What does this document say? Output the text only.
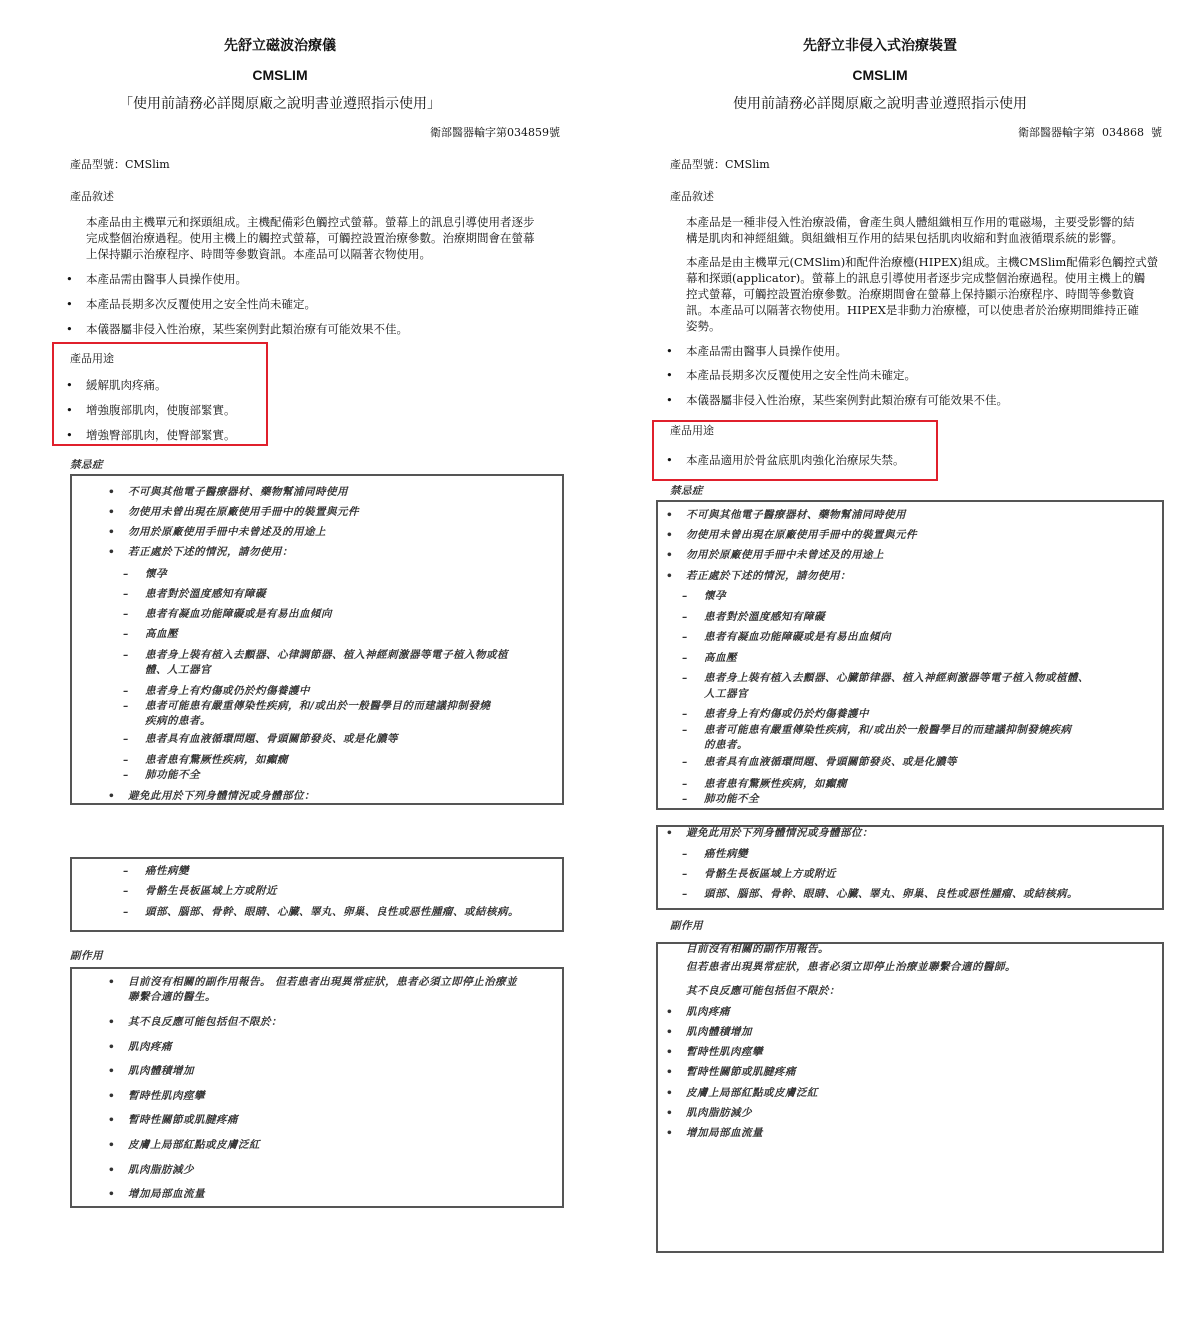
先舒立磁波治療儀
CMSLIM
「使用前請務必詳閱原廠之說明書並遵照指示使用」
衛部醫器輸字第034859號
產品型號：CMSlim
產品敘述
本產品由主機單元和探頭組成。主機配備彩色觸控式螢幕。螢幕上的訊息引導使用者逐步
完成整個治療過程。使用主機上的觸控式螢幕，可觸控設置治療參數。治療期間會在螢幕
上保持顯示治療程序、時間等參數資訊。本產品可以隔著衣物使用。
• 本產品需由醫事人員操作使用。
• 本產品長期多次反覆使用之安全性尚未確定。
• 本儀器屬非侵入性治療，某些案例對此類治療有可能效果不佳。
產品用途
• 緩解肌肉疼痛。
• 增強腹部肌肉，使腹部緊實。
• 增強臀部肌肉，使臀部緊實。
禁忌症
• 不可與其他電子醫療器材、藥物幫浦同時使用
• 勿使用未曾出現在原廠使用手冊中的裝置與元件
• 勿用於原廠使用手冊中未曾述及的用途上
• 若正處於下述的情況，請勿使用：
– 懷孕
– 患者對於溫度感知有障礙
– 患者有凝血功能障礙或是有易出血傾向
– 高血壓
– 患者身上裝有植入去顫器、心律調節器、植入神經刺激器等電子植入物或植
體、人工器官
– 患者身上有灼傷或仍於灼傷養護中
– 患者可能患有嚴重傳染性疾病，和/或出於一般醫學目的而建議抑制發燒
疾病的患者。
– 患者具有血液循環問題、骨頭關節發炎、或是化膿等
– 患者患有驚厥性疾病，如癲癇
– 肺功能不全
• 避免此用於下列身體情況或身體部位：
– 癌性病變
– 骨骼生長板區域上方或附近
– 頭部、腦部、骨幹、眼睛、心臟、睪丸、卵巢、良性或惡性腫瘤、或結核病。
副作用
• 目前沒有相關的副作用報告。 但若患者出現異常症狀，患者必須立即停止治療並
聯繫合適的醫生。
• 其不良反應可能包括但不限於：
• 肌肉疼痛
• 肌肉體積增加
• 暫時性肌肉痙攣
• 暫時性關節或肌腱疼痛
• 皮膚上局部紅點或皮膚泛紅
• 肌肉脂肪減少
• 增加局部血流量
先舒立非侵入式治療裝置
CMSLIM
使用前請務必詳閱原廠之說明書並遵照指示使用
衛部醫器輸字第  034868  號
產品型號：CMSlim
產品敘述
本產品是一種非侵入性治療設備，會產生與人體組織相互作用的電磁場，主要受影響的結
構是肌肉和神經組織。與組織相互作用的結果包括肌肉收縮和對血液循環系統的影響。
本產品是由主機單元(CMSlim)和配件治療檯(HIPEX)組成。主機CMSlim配備彩色觸控式螢
幕和探頭(applicator)。螢幕上的訊息引導使用者逐步完成整個治療過程。使用主機上的觸
控式螢幕，可觸控設置治療參數。治療期間會在螢幕上保持顯示治療程序、時間等參數資
訊。本產品可以隔著衣物使用。HIPEX是非動力治療檯，可以使患者於治療期間維持正確
姿勢。
• 本產品需由醫事人員操作使用。
• 本產品長期多次反覆使用之安全性尚未確定。
• 本儀器屬非侵入性治療，某些案例對此類治療有可能效果不佳。
產品用途
• 本產品適用於骨盆底肌肉強化治療尿失禁。
禁忌症
• 不可與其他電子醫療器材、藥物幫浦同時使用
• 勿使用未曾出現在原廠使用手冊中的裝置與元件
• 勿用於原廠使用手冊中未曾述及的用途上
• 若正處於下述的情況，請勿使用：
– 懷孕
– 患者對於溫度感知有障礙
– 患者有凝血功能障礙或是有易出血傾向
– 高血壓
– 患者身上裝有植入去顫器、心臟節律器、植入神經刺激器等電子植入物或植體、
人工器官
– 患者身上有灼傷或仍於灼傷養護中
– 患者可能患有嚴重傳染性疾病，和/或出於一般醫學目的而建議抑制發燒疾病
的患者。
– 患者具有血液循環問題、骨頭關節發炎、或是化膿等
– 患者患有驚厥性疾病，如癲癇
– 肺功能不全
• 避免此用於下列身體情況或身體部位：
– 癌性病變
– 骨骼生長板區域上方或附近
– 頭部、腦部、骨幹、眼睛、心臟、睪丸、卵巢、良性或惡性腫瘤、或結核病。
副作用
目前沒有相關的副作用報告。
但若患者出現異常症狀，患者必須立即停止治療並聯繫合適的醫師。
其不良反應可能包括但不限於：
• 肌肉疼痛
• 肌肉體積增加
• 暫時性肌肉痙攣
• 暫時性關節或肌腱疼痛
• 皮膚上局部紅點或皮膚泛紅
• 肌肉脂肪減少
• 增加局部血流量
